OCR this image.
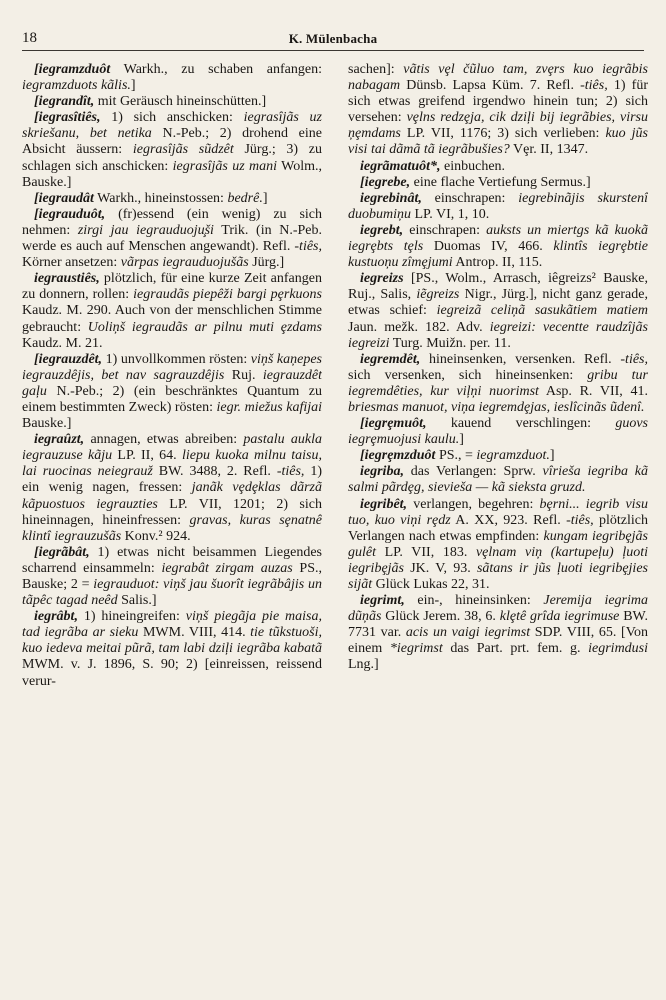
18	K. Mülenbacha

[iegramzduôt Warkh., zu schaben anfangen: iegramzduots kãlis.]

[iegrandît, mit Geräusch hineinschütten.]

[iegrasîtiês, 1) sich anschicken: iegrasîjãs uz skriešanu, bet netika N.-Peb.; 2) drohend eine Absicht äussern: iegrasîjãs sũdzêt Jürg.; 3) zu schlagen sich anschicken: iegrasîjãs uz mani Wolm., Bauske.]

[iegraudât Warkh., hineinstossen: bedrê.]

[iegrauduôt, (fr)essend (ein wenig) zu sich nehmen: zirgi jau iegrauduoju̧ši Trik. (in N.-Peb. werde es auch auf Menschen angewandt). Refl. -tiês, Körner ansetzen: vãrpas iegrauduojušãs Jürg.]

iegraustiês, plötzlich, für eine kurze Zeit anfangen zu donnern, rollen: iegraudãs piepêži bargi pȩrkuons Kaudz. M. 290. Auch von der menschlichen Stimme gebraucht: Uoliņš iegraudãs ar pilnu muti ȩzdams Kaudz. M. 21.

[iegrauzdêt, 1) unvollkommen rösten: viņš kaņepes iegrauzdêjis, bet nav sagrauzdêjis Ruj. iegrauzdêt gaļu N.-Peb.; 2) (ein beschränktes Quantum zu einem bestimmten Zweck) rösten: iegr. miežus kafijai Bauske.]

iegraûzt, annagen, etwas abreiben: pastalu aukla iegrauzuse kãju LP. II, 64. liepu kuoka milnu taisu, lai ruocinas neiegrauž BW. 3488, 2. Refl. -tiês, 1) ein wenig nagen, fressen: janãk vȩdȩklas dãrzã kãpuostuos iegrauzties LP. VII, 1201; 2) sich hineinnagen, hineinfressen: gravas, kuras sȩnatnê klintî iegrauzušãs Konv.² 924.

[iegrãbât, 1) etwas nicht beisammen Liegendes scharrend einsammeln: iegrabât zirgam auzas PS., Bauske; 2 = iegrauduot: viņš jau šuorît iegrãbâjis un tãpêc tagad neêd Salis.]

iegrâbt, 1) hineingreifen: viņš piegãja pie maisa, tad iegrãba ar sieku MWM. VIII, 414. tie tũkstuoši, kuo iedeva meitai pũrã, tam labi dziļi iegrãba kabatã MWM. v. J. 1896, S. 90; 2) [einreissen, reissend verur-

sachen]: vãtis vȩl čũluo tam, zvȩrs kuo iegrãbis nabagam Dünsb. Lapsa Küm. 7. Refl. -tiês, 1) für sich etwas greifend irgendwo hinein tun; 2) sich versehen: vȩlns redzȩja, cik dziļi bij iegrãbies, virsu ņȩmdams LP. VII, 1176; 3) sich verlieben: kuo jũs visi tai dãmã tã iegrãbušies? Vȩr. II, 1347.

iegrãmatuôt*, einbuchen.

[iegrebe, eine flache Vertiefung Sermus.]

iegrebinât, einschrapen: iegrebinãjis skurstenî duobumiņu LP. VI, 1, 10.

iegrebt, einschrapen: auksts un miertgs kã kuokã iegrȩbts tȩls Duomas IV, 466. klintîs iegrȩbtie kustuoņu zîmȩjumi Antrop. II, 115.

iegreizs [PS., Wolm., Arrasch, iêgreizs² Bauske, Ruj., Salis, iẽgreizs Nigr., Jürg.], nicht ganz gerade, etwas schief: iegreizã celiņã sasukãtiem matiem Jaun. mežk. 182. Adv. iegreizi: vecentte raudzîjãs iegreizi Turg. Muižn. per. 11.

iegremdêt, hineinsenken, versenken. Refl. -tiês, sich versenken, sich hineinsenken: gribu tur iegremdêties, kur viļņi nuorimst Asp. R. VII, 41. briesmas manuot, viņa iegremdȩjas, ieslîcinãs ũdenî.

[iegrȩmuôt, kauend verschlingen: guovs iegrȩmuojusi kaulu.]

[iegrȩmzduôt PS., = iegramzduot.]

iegriba, das Verlangen: Sprw. vîriešа iegriba kã salmi pãrdȩg, sieviešа — kã sieksta gruzd.

iegribêt, verlangen, begehren: bȩrni... iegrib visu tuo, kuo viņi rȩdz A. XX, 923. Refl. -tiês, plötzlich Verlangen nach etwas empfinden: kungam iegribȩjãs gulêt LP. VII, 183. vȩlnam viņ (kartupeļu) ļuoti iegribȩjãs JK. V, 93. sãtans ir jũs ļuoti iegribȩjies sijãt Glück Lukas 22, 31.

iegrimt, ein-, hineinsinken: Jeremija iegrima dũņãs Glück Jerem. 38, 6. klȩtê grîda iegrimuse BW. 7731 var. acis un vaigi iegrimst SDP. VIII, 65. [Von einem *iegrimst das Part. prt. fem. g. iegrimdusi Lng.]
